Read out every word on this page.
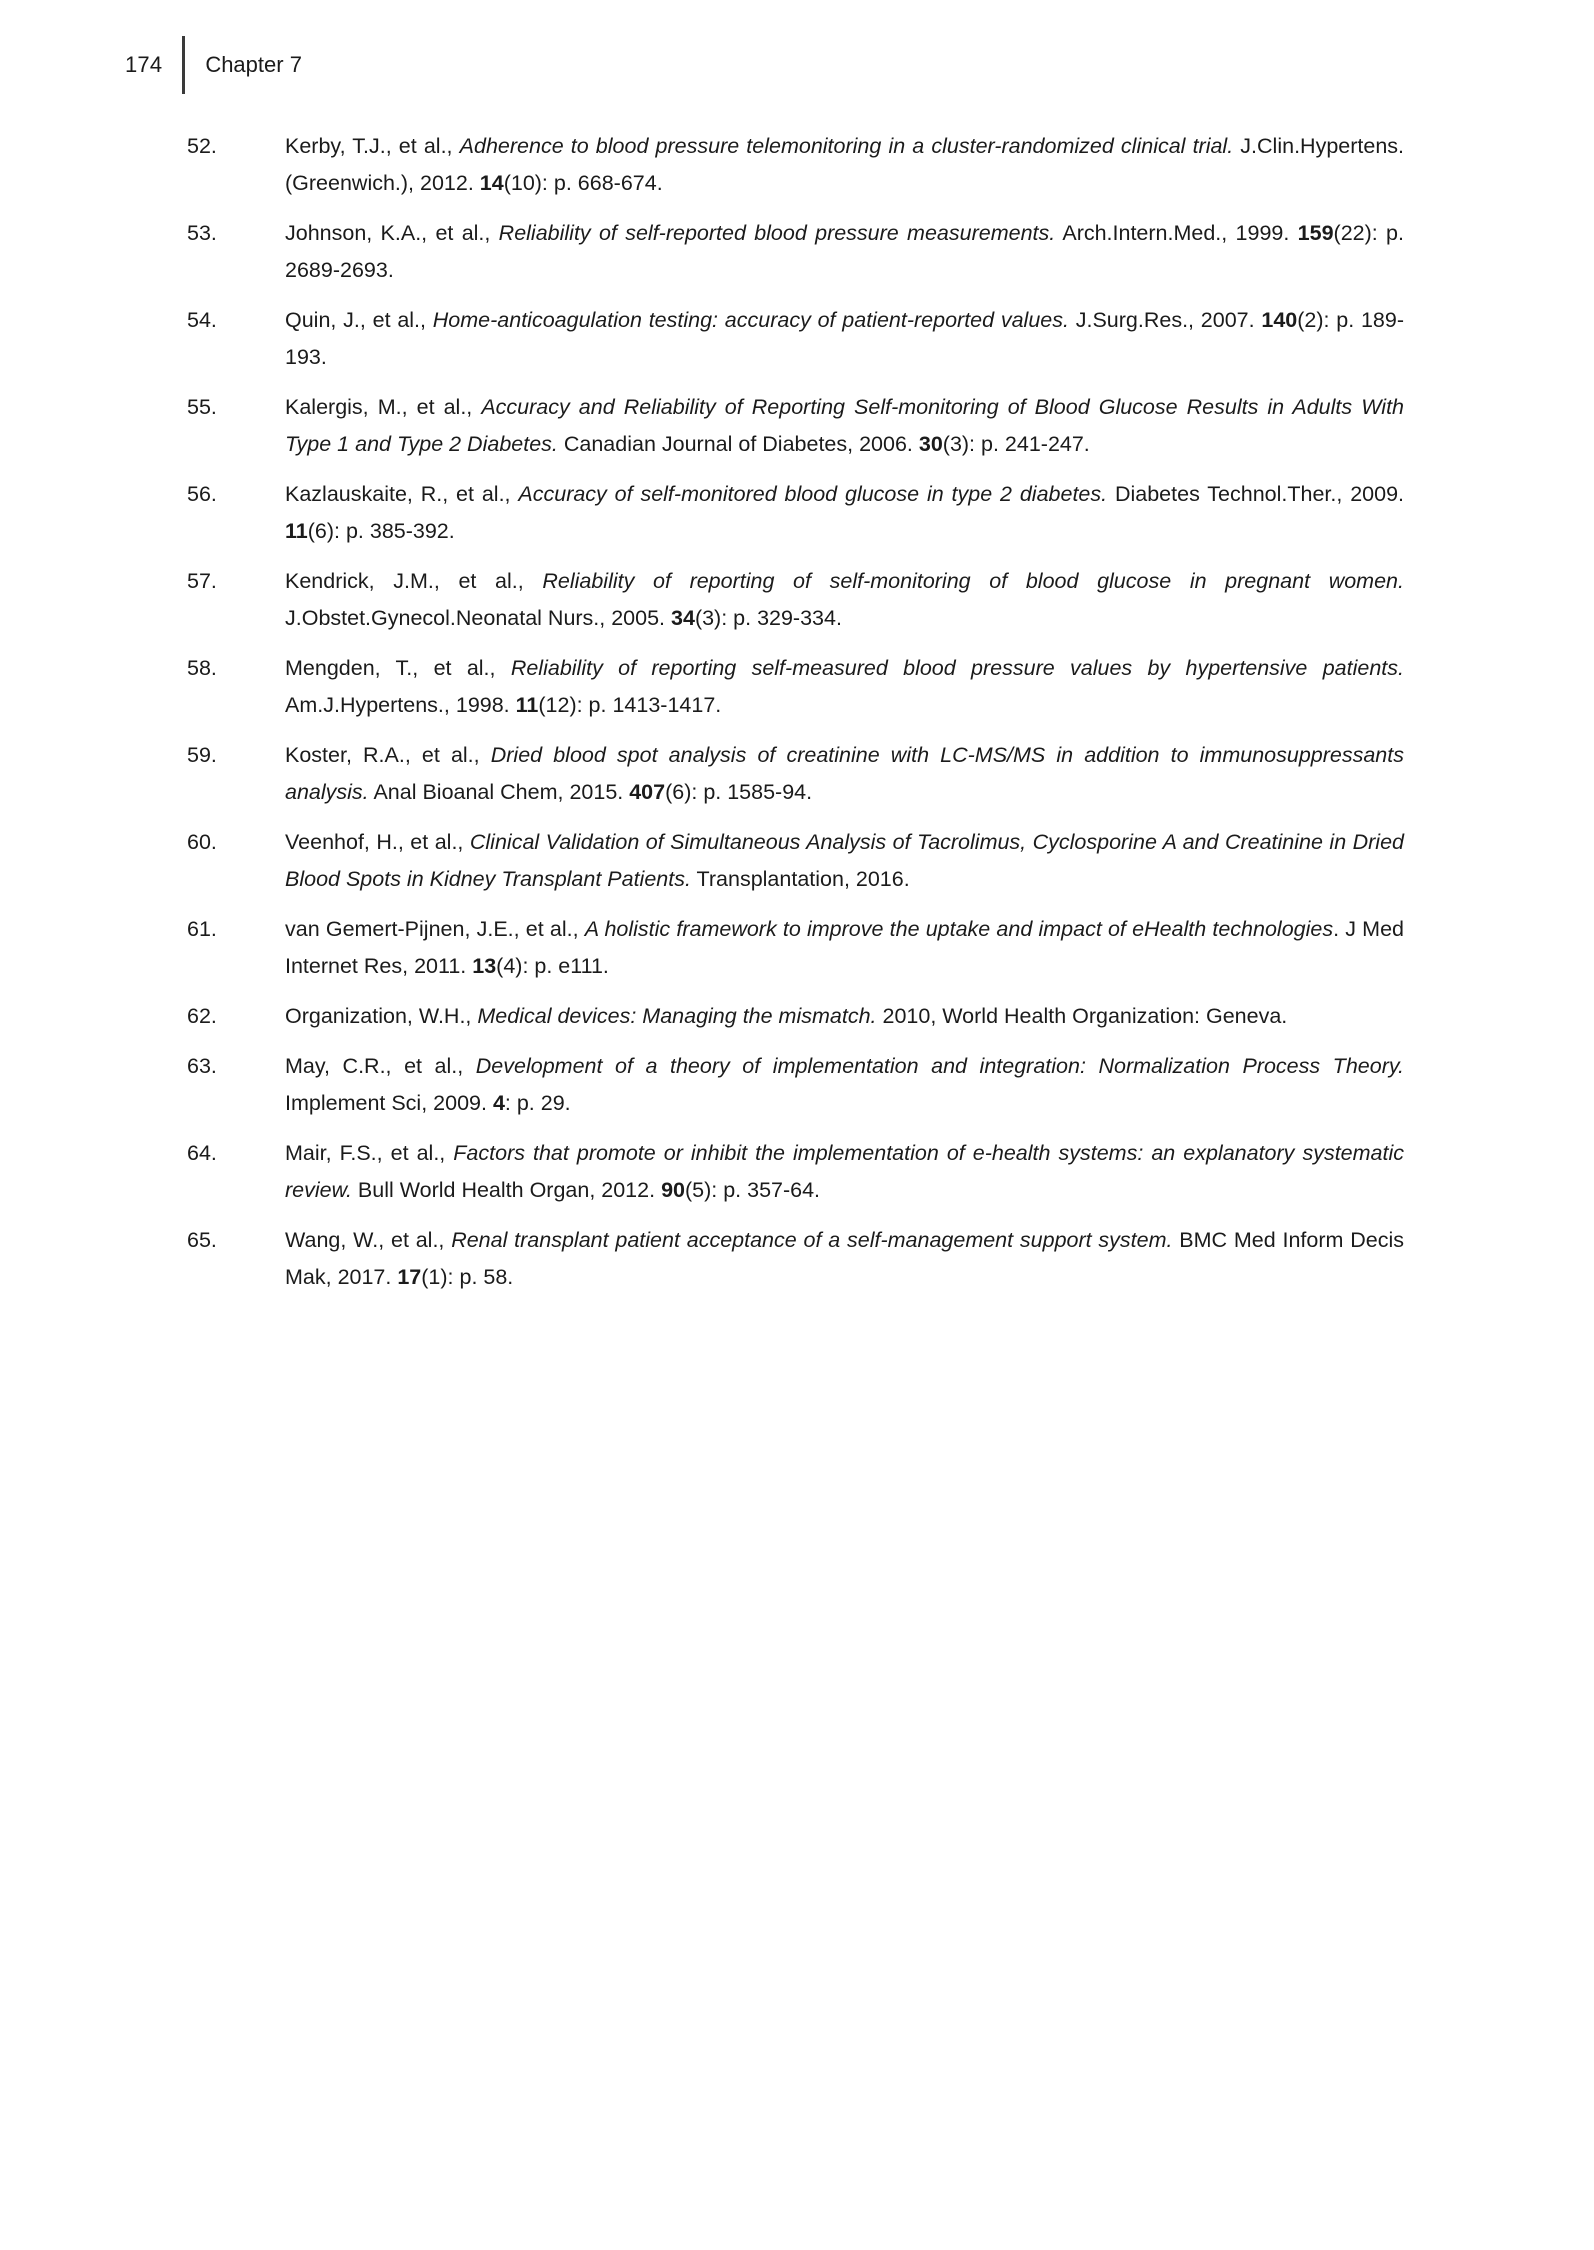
174	Chapter 7
52.	Kerby, T.J., et al., Adherence to blood pressure telemonitoring in a cluster-randomized clinical trial. J.Clin.Hypertens.(Greenwich.), 2012. 14(10): p. 668-674.
53.	Johnson, K.A., et al., Reliability of self-reported blood pressure measurements. Arch.Intern.Med., 1999. 159(22): p. 2689-2693.
54.	Quin, J., et al., Home-anticoagulation testing: accuracy of patient-reported values. J.Surg.Res., 2007. 140(2): p. 189-193.
55.	Kalergis, M., et al., Accuracy and Reliability of Reporting Self-monitoring of Blood Glucose Results in Adults With Type 1 and Type 2 Diabetes. Canadian Journal of Diabetes, 2006. 30(3): p. 241-247.
56.	Kazlauskaite, R., et al., Accuracy of self-monitored blood glucose in type 2 diabetes. Diabetes Technol.Ther., 2009. 11(6): p. 385-392.
57.	Kendrick, J.M., et al., Reliability of reporting of self-monitoring of blood glucose in pregnant women. J.Obstet.Gynecol.Neonatal Nurs., 2005. 34(3): p. 329-334.
58.	Mengden, T., et al., Reliability of reporting self-measured blood pressure values by hypertensive patients. Am.J.Hypertens., 1998. 11(12): p. 1413-1417.
59.	Koster, R.A., et al., Dried blood spot analysis of creatinine with LC-MS/MS in addition to immunosuppressants analysis. Anal Bioanal Chem, 2015. 407(6): p. 1585-94.
60.	Veenhof, H., et al., Clinical Validation of Simultaneous Analysis of Tacrolimus, Cyclosporine A and Creatinine in Dried Blood Spots in Kidney Transplant Patients. Transplantation, 2016.
61.	van Gemert-Pijnen, J.E., et al., A holistic framework to improve the uptake and impact of eHealth technologies. J Med Internet Res, 2011. 13(4): p. e111.
62.	Organization, W.H., Medical devices: Managing the mismatch. 2010, World Health Organization: Geneva.
63.	May, C.R., et al., Development of a theory of implementation and integration: Normalization Process Theory. Implement Sci, 2009. 4: p. 29.
64.	Mair, F.S., et al., Factors that promote or inhibit the implementation of e-health systems: an explanatory systematic review. Bull World Health Organ, 2012. 90(5): p. 357-64.
65.	Wang, W., et al., Renal transplant patient acceptance of a self-management support system. BMC Med Inform Decis Mak, 2017. 17(1): p. 58.
